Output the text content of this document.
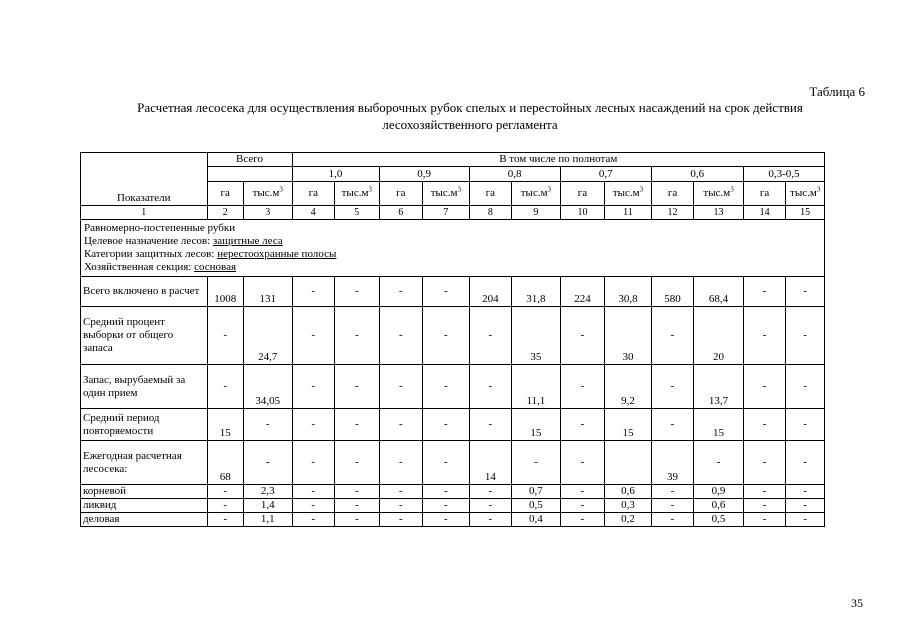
Таблица 6
Расчетная лесосека для осуществления выборочных рубок спелых и перестойных лесных насаждений на срок действия
лесохозяйственного регламента
Показатели	Всего		В том числе по полнотам											
			1,0		0,9		0,8		0,7		0,6		0,3-0,5	
	га	$тыс.м^3$	га	$тыс.м^3$	га	$тыс.м^3$	га	$тыс.м^3$	га	$тыс.м^3$	га	$тыс.м^3$	га	$тыс.м^3$
1	2	3	4	5	6	7	8	9	10	11	12	13	14	15

Равномерно-постепенные рубки
Целевое назначение лесов: защитные леса
Категории защитных лесов: нерестоохранные полосы
Хозяйственная секция: сосновая														

Всего включено в расчет	1008	131	-	-	-	-	204	31,8	224	30,8	580	68,4	-	-
Средний процент выборки от общего запаса	-	24,7	-	-	-	-	-	35	-	30	-	20	-	-
Запас, вырубаемый за один прием	-	34,05	-	-	-	-	-	11,1	-	9,2	-	13,7	-	-
Средний период повторяемости	15	-	-	-	-	-	-	15	-	15	-	15	-	-
Ежегодная расчетная лесосека:	68	-	-	-	-	-	14	-	-		39	-	-	-
корневой	-	2,3	-	-	-	-	-	0,7	-	0,6	-	0,9	-	-
ликвид	-	1,4	-	-	-	-	-	0,5	-	0,3	-	0,6	-	-
деловая	-	1,1	-	-	-	-	-	0,4	-	0,2	-	0,5	-	-
35
